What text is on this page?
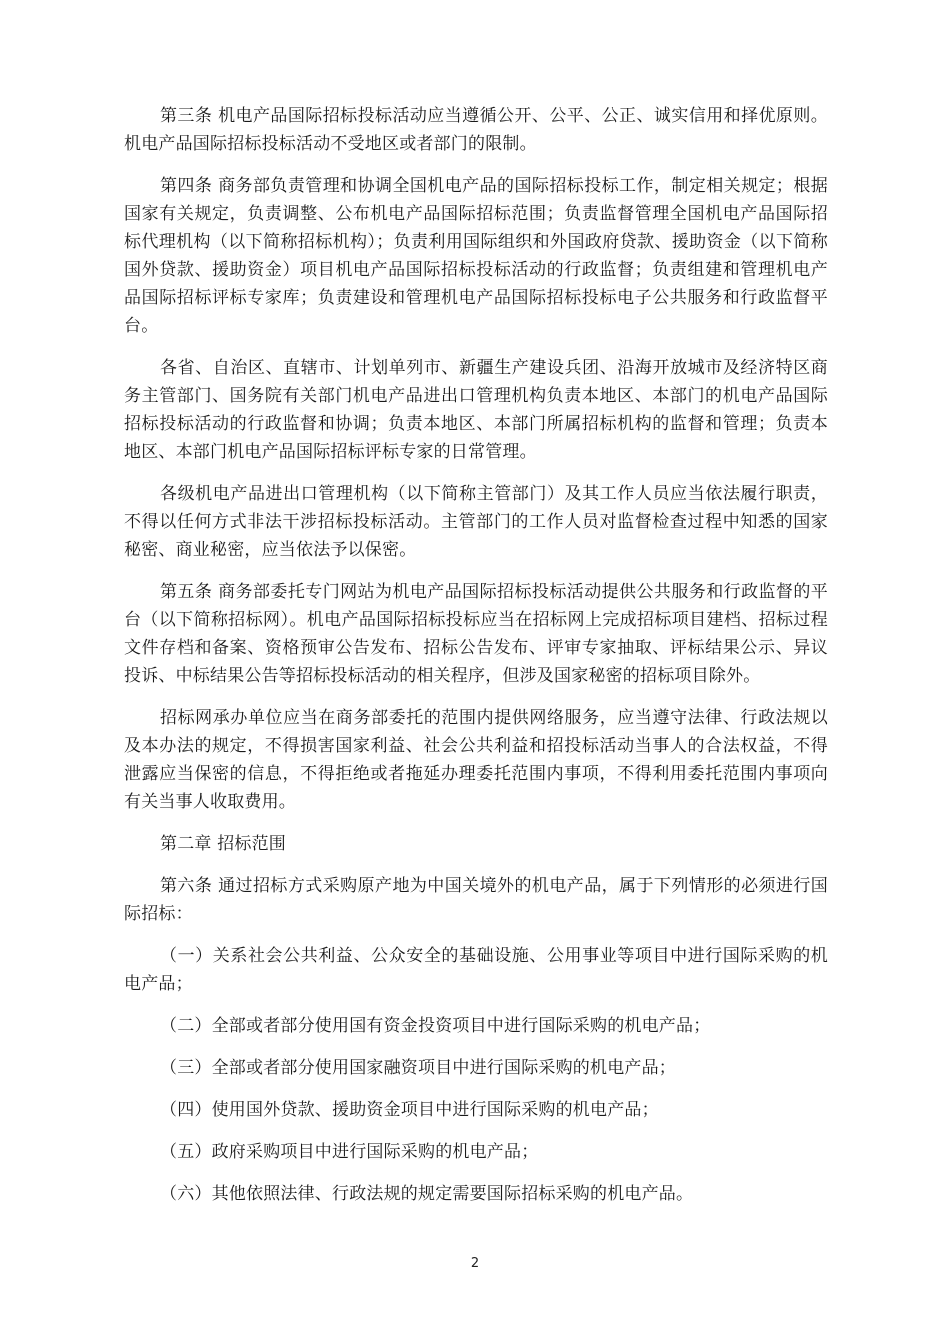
第三条 机电产品国际招标投标活动应当遵循公开、公平、公正、诚实信用和择优原则。机电产品国际招标投标活动不受地区或者部门的限制。

第四条 商务部负责管理和协调全国机电产品的国际招标投标工作，制定相关规定；根据国家有关规定，负责调整、公布机电产品国际招标范围；负责监督管理全国机电产品国际招标代理机构（以下简称招标机构）；负责利用国际组织和外国政府贷款、援助资金（以下简称国外贷款、援助资金）项目机电产品国际招标投标活动的行政监督；负责组建和管理机电产品国际招标评标专家库；负责建设和管理机电产品国际招标投标电子公共服务和行政监督平台。

各省、自治区、直辖市、计划单列市、新疆生产建设兵团、沿海开放城市及经济特区商务主管部门、国务院有关部门机电产品进出口管理机构负责本地区、本部门的机电产品国际招标投标活动的行政监督和协调；负责本地区、本部门所属招标机构的监督和管理；负责本地区、本部门机电产品国际招标评标专家的日常管理。

各级机电产品进出口管理机构（以下简称主管部门）及其工作人员应当依法履行职责，不得以任何方式非法干涉招标投标活动。主管部门的工作人员对监督检查过程中知悉的国家秘密、商业秘密，应当依法予以保密。

第五条 商务部委托专门网站为机电产品国际招标投标活动提供公共服务和行政监督的平台（以下简称招标网）。机电产品国际招标投标应当在招标网上完成招标项目建档、招标过程文件存档和备案、资格预审公告发布、招标公告发布、评审专家抽取、评标结果公示、异议投诉、中标结果公告等招标投标活动的相关程序，但涉及国家秘密的招标项目除外。

招标网承办单位应当在商务部委托的范围内提供网络服务，应当遵守法律、行政法规以及本办法的规定，不得损害国家利益、社会公共利益和招投标活动当事人的合法权益，不得泄露应当保密的信息，不得拒绝或者拖延办理委托范围内事项，不得利用委托范围内事项向有关当事人收取费用。

第二章 招标范围

第六条 通过招标方式采购原产地为中国关境外的机电产品，属于下列情形的必须进行国际招标：

（一）关系社会公共利益、公众安全的基础设施、公用事业等项目中进行国际采购的机电产品；

（二）全部或者部分使用国有资金投资项目中进行国际采购的机电产品；

（三）全部或者部分使用国家融资项目中进行国际采购的机电产品；

（四）使用国外贷款、援助资金项目中进行国际采购的机电产品；

（五）政府采购项目中进行国际采购的机电产品；

（六）其他依照法律、行政法规的规定需要国际招标采购的机电产品。

2
